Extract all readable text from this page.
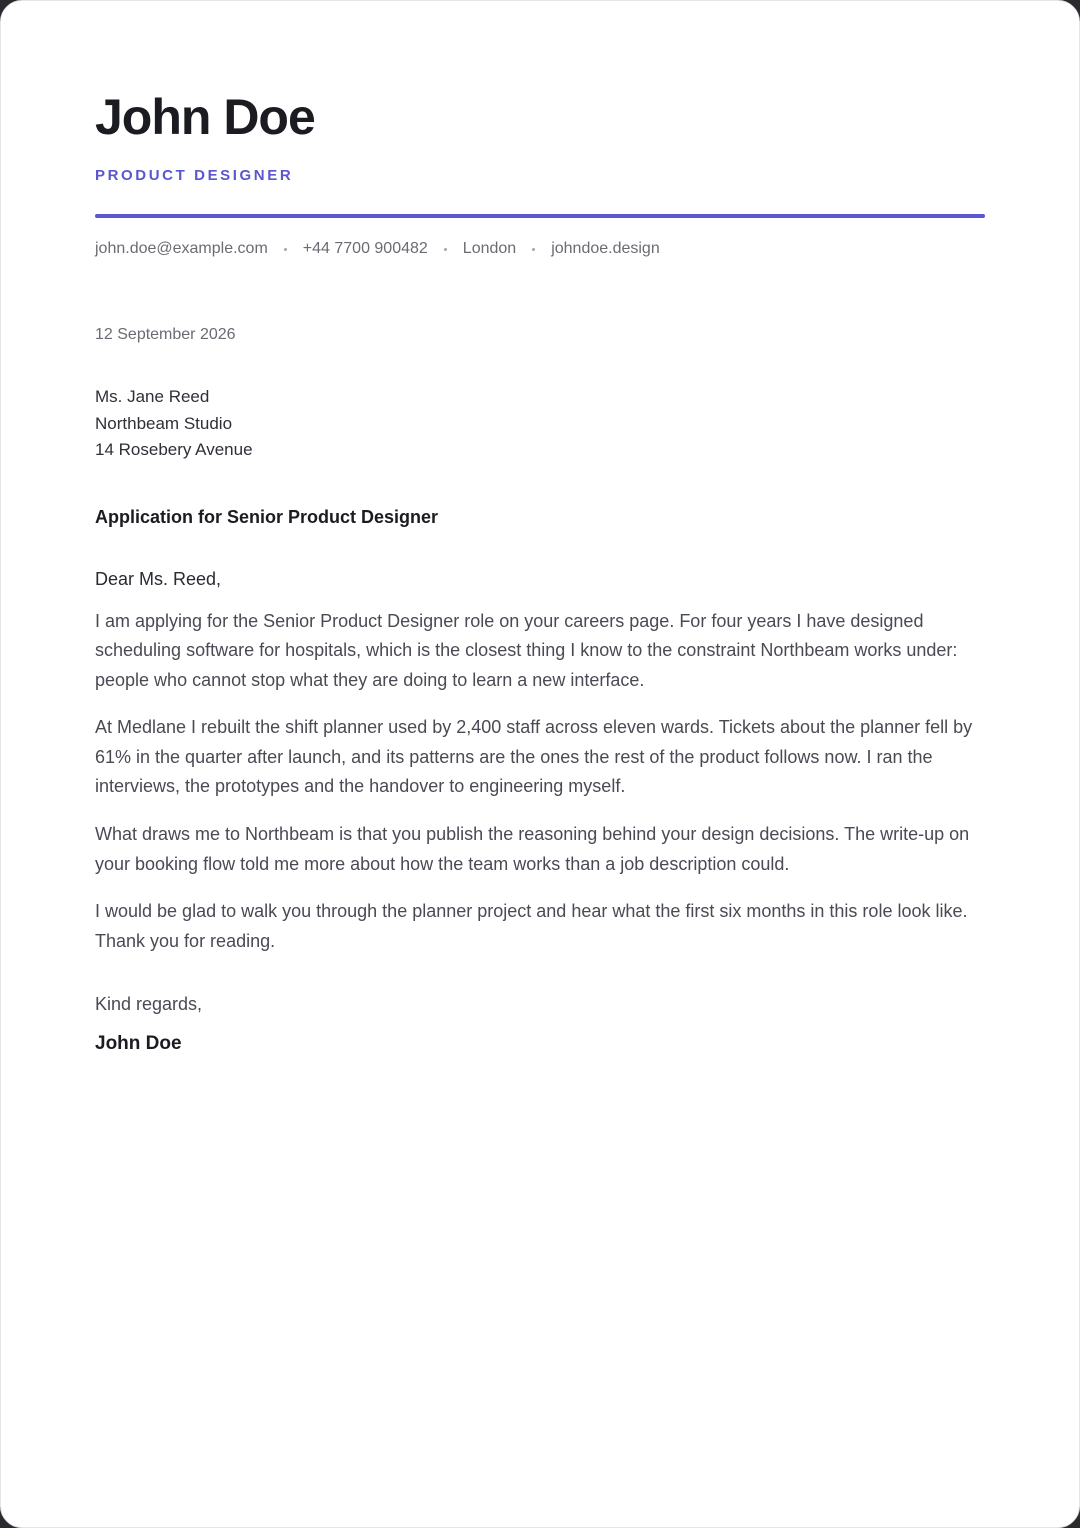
John Doe
PRODUCT DESIGNER
john.doe@example.com +44 7700 900482 London johndoe.design
12 September 2026
Ms. Jane Reed
Northbeam Studio
14 Rosebery Avenue
Application for Senior Product Designer
Dear Ms. Reed,

I am applying for the Senior Product Designer role on your careers page. For four years I have designed scheduling software for hospitals, which is the closest thing I know to the constraint Northbeam works under: people who cannot stop what they are doing to learn a new interface.

At Medlane I rebuilt the shift planner used by 2,400 staff across eleven wards. Tickets about the planner fell by 61% in the quarter after launch, and its patterns are the ones the rest of the product follows now. I ran the interviews, the prototypes and the handover to engineering myself.

What draws me to Northbeam is that you publish the reasoning behind your design decisions. The write-up on your booking flow told me more about how the team works than a job description could.

I would be glad to walk you through the planner project and hear what the first six months in this role look like. Thank you for reading.

Kind regards,
John Doe
